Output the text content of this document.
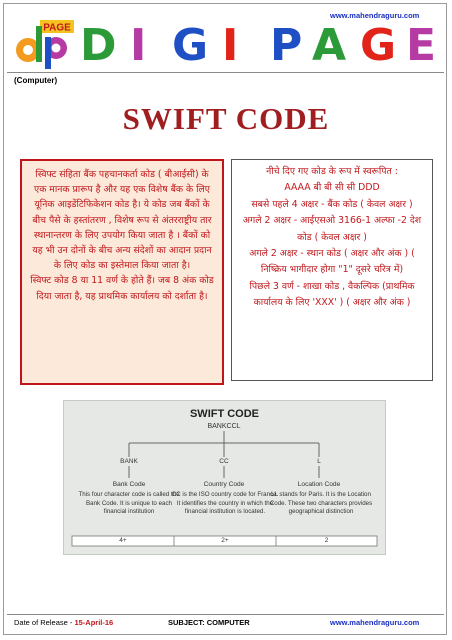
www.mahendraguru.com
PAGE D I G I P A G E
(Computer)
SWIFT CODE

स्विफ्ट संहिता बैंक पहचानकर्ता कोड ( बीआईसी) के एक मानक प्रारूप है और यह एक विशेष बैंक के लिए यूनिक आइडेंटिफिकेशन कोड है। ये कोड जब बैंकों के बीच पैसे के हस्तांतरण , विशेष रूप से अंतरराष्ट्रीय तार स्थानान्तरण के लिए उपयोग किया जाता है । बैंकों को यह भी उन दोनों के बीच अन्य संदेशों का आदान प्रदान के लिए कोड का इस्तेमाल किया जाता है।

स्विफ्ट कोड 8 या 11 वर्ण के होते हैं। जब 8 अंक कोड दिया जाता है, यह प्राथमिक कार्यालय को दर्शाता है।

नीचे दिए गए कोड के रूप में स्वरूपित :

AAAA बी बी सी सी DDD

सबसे पहले 4 अक्षर - बैंक कोड ( केवल अक्षर )

अगले 2 अक्षर - आईएसओ 3166-1 अल्फा -2 देश कोड ( केवल अक्षर )

अगले 2 अक्षर - स्थान कोड ( अक्षर और अंक ) ( निष्क्रिय भागीदार होगा "1" दूसरे चरित्र में)

पिछले 3 वर्ण - शाखा कोड , वैकल्पिक (प्राथमिक कार्यालय के लिए 'XXX' ) ( अक्षर और अंक )

SWIFT CODE
BANKCCL
BANK	CC	L
Bank Code	Country Code	Location Code
This four character code is called the Bank Code. It is unique to each financial institution
CC is the ISO country code for France. It identifies the country in which the financial institution is located.
LL stands for Paris. It is the Location Code. These two characters provides geographical distinction
4+	2+	2
Date of Release - 15-April-16	SUBJECT: COMPUTER	www.mahendraguru.com
